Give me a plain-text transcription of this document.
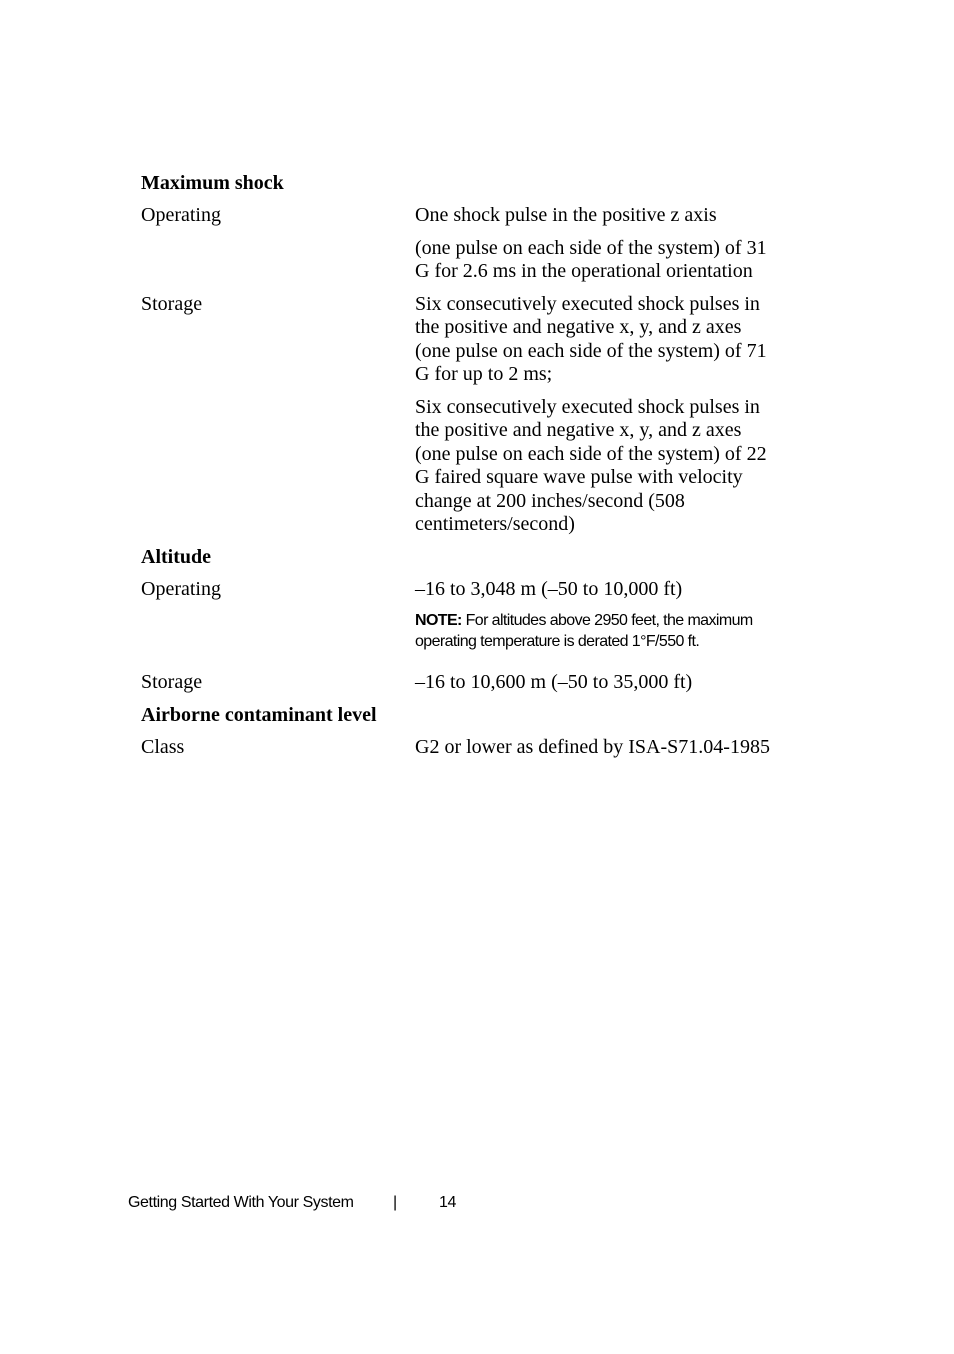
Maximum shock
Operating	One shock pulse in the positive z axis
(one pulse on each side of the system) of 31
G for 2.6 ms in the operational orientation
Storage	Six consecutively executed shock pulses in
the positive and negative x, y, and z axes
(one pulse on each side of the system) of 71
G for up to 2 ms;
Six consecutively executed shock pulses in
the positive and negative x, y, and z axes
(one pulse on each side of the system) of 22
G faired square wave pulse with velocity
change at 200 inches/second (508
centimeters/second)
Altitude
Operating	–16 to 3,048 m (–50 to 10,000 ft)
NOTE: For altitudes above 2950 feet, the maximum
operating temperature is derated 1°F/550 ft.
Storage	–16 to 10,600 m (–50 to 35,000 ft)
Airborne contaminant level
Class	G2 or lower as defined by ISA-S71.04-1985
Getting Started With Your System	|	14
